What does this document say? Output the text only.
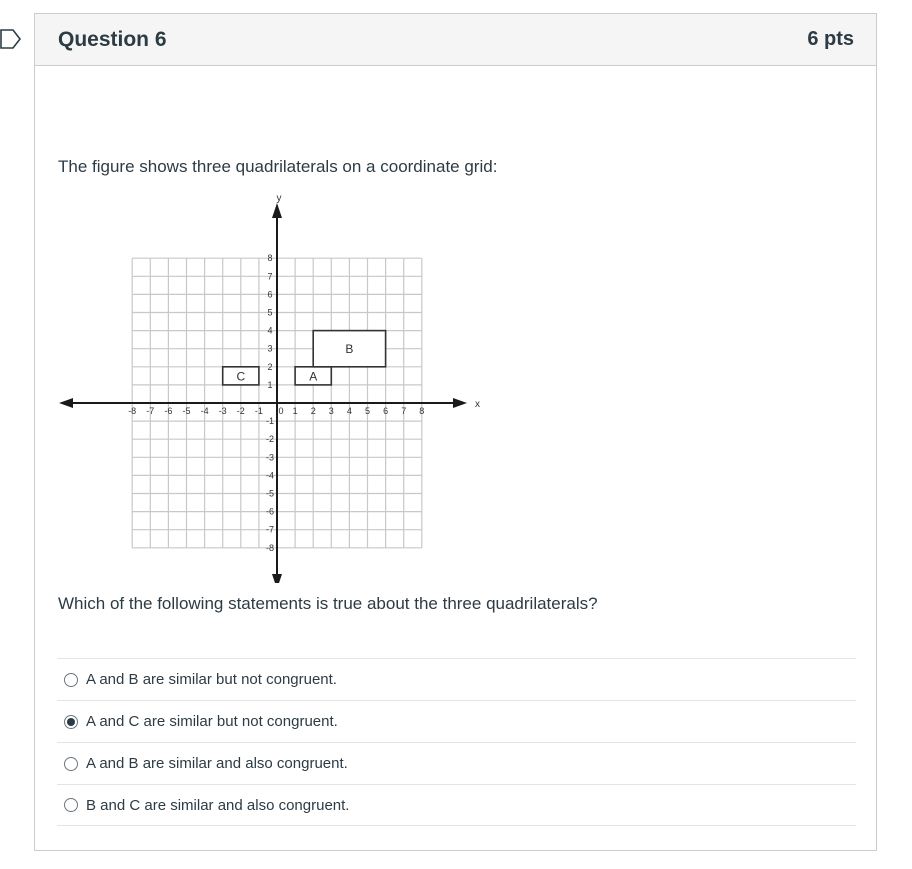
Question 6	6 pts
The figure shows three quadrilaterals on a coordinate grid:
x
y
-8 -7 -6 -5 -4 -3 -2 -1 0 1 2 3 4 5 6 7 8
1
2
3
4
5
6
7
8
-1
-2
-3
-4
-5
-6
-7
-8
A
B
C
Which of the following statements is true about the three quadrilaterals?
A and B are similar but not congruent.
A and C are similar but not congruent.
A and B are similar and also congruent.
B and C are similar and also congruent.
